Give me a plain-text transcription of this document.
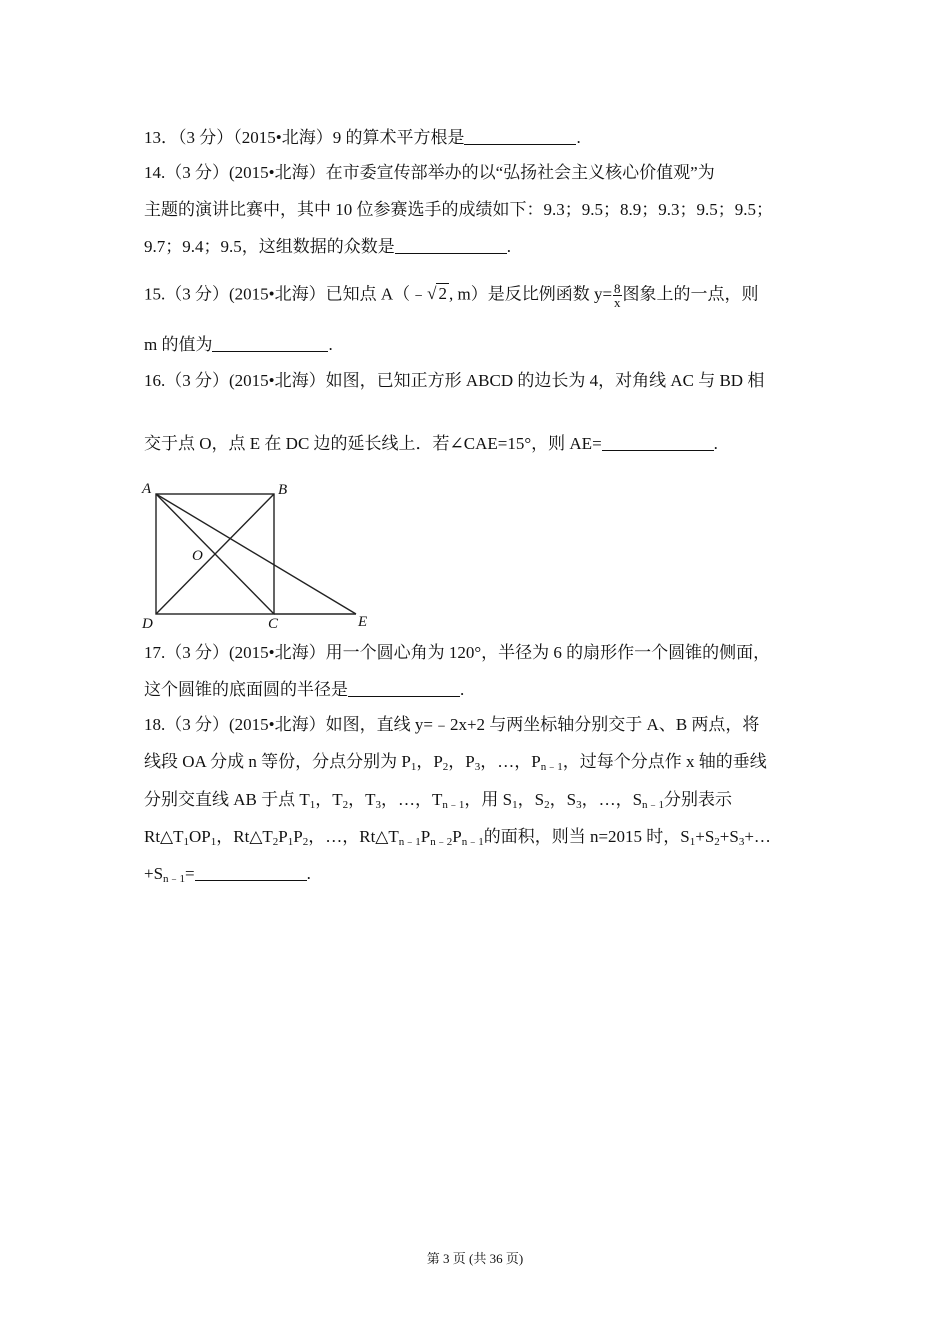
13．（3 分）（2015•北海）9 的算术平方根是	.
14.（3 分）(2015•北海）在市委宣传部举办的以“弘扬社会主义核心价值观”为
主题的演讲比赛中，其中 10 位参赛选手的成绩如下：9.3；9.5；8.9；9.3；9.5；9.5；
9.7；9.4；9.5，这组数据的众数是	.
15.（3 分）(2015•北海）已知点 A（﹣√ 2 , m）是反比例函数 $y= \frac{8}{x}$ 图象上的一点，则
m 的值为	.
16.（3 分）(2015•北海）如图，已知正方形 ABCD 的边长为 4，对角线 AC 与 BD 相
交于点 O，点 E 在 DC 边的延长线上．若∠CAE=15°，则 AE=	.
A	B
C
D	E
O
17.（3 分）(2015•北海）用一个圆心角为 120°，半径为 6 的扇形作一个圆锥的侧面，
这个圆锥的底面圆的半径是	.
18.（3 分）(2015•北海）如图，直线 y=﹣2x+2 与两坐标轴分别交于 A、B 两点，将
线段 OA 分成 n 等份，分点分别为 $P_1$，$P_2$，$P_3$，…，$P_{n﹣1}$，过每个分点作 x 轴的垂线
分别交直线 AB 于点 $T_1$，$T_2$，$T_3$，…，$T_{n﹣1}$，用 $S_1$，$S_2$，$S_3$，…，$S_{n﹣1}$分别表示
$Rt\triangle T_1OP_1$，$Rt\triangle T_2P_1P_2$，…，$Rt\triangle T_{n﹣1}P_{n﹣2}P_{n﹣1}$的面积，则当 n=2015 时，$S_1+S_2+S_3+\dots$
$+S_{n﹣1}=$	.
第 3 页 (共 36 页)
